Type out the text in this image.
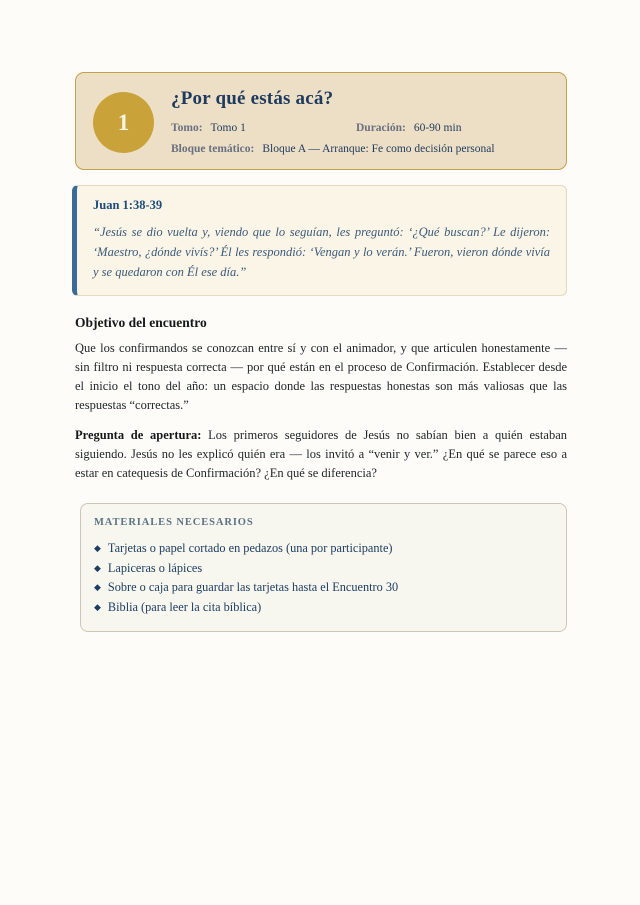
1
¿Por qué estás acá?
Tomo: Tomo 1	Duración: 60-90 min
Bloque temático: Bloque A — Arranque: Fe como decisión personal
Juan 1:38-39
“Jesús se dio vuelta y, viendo que lo seguían, les preguntó: ‘¿Qué buscan?’ Le dijeron: ‘Maestro, ¿dónde vivís?’ Él les respondió: ‘Vengan y lo verán.’ Fueron, vieron dónde vivía y se quedaron con Él ese día.”
Objetivo del encuentro

Que los confirmandos se conozcan entre sí y con el animador, y que articulen honestamente — sin filtro ni respuesta correcta — por qué están en el proceso de Confirmación. Establecer desde el inicio el tono del año: un espacio donde las respuestas honestas son más valiosas que las respuestas “correctas.”

Pregunta de apertura: Los primeros seguidores de Jesús no sabían bien a quién estaban siguiendo. Jesús no les explicó quién era — los invitó a “venir y ver.” ¿En qué se parece eso a estar en catequesis de Confirmación? ¿En qué se diferencia?

MATERIALES NECESARIOS
◆ Tarjetas o papel cortado en pedazos (una por participante)
◆ Lapiceras o lápices
◆ Sobre o caja para guardar las tarjetas hasta el Encuentro 30
◆ Biblia (para leer la cita bíblica)
